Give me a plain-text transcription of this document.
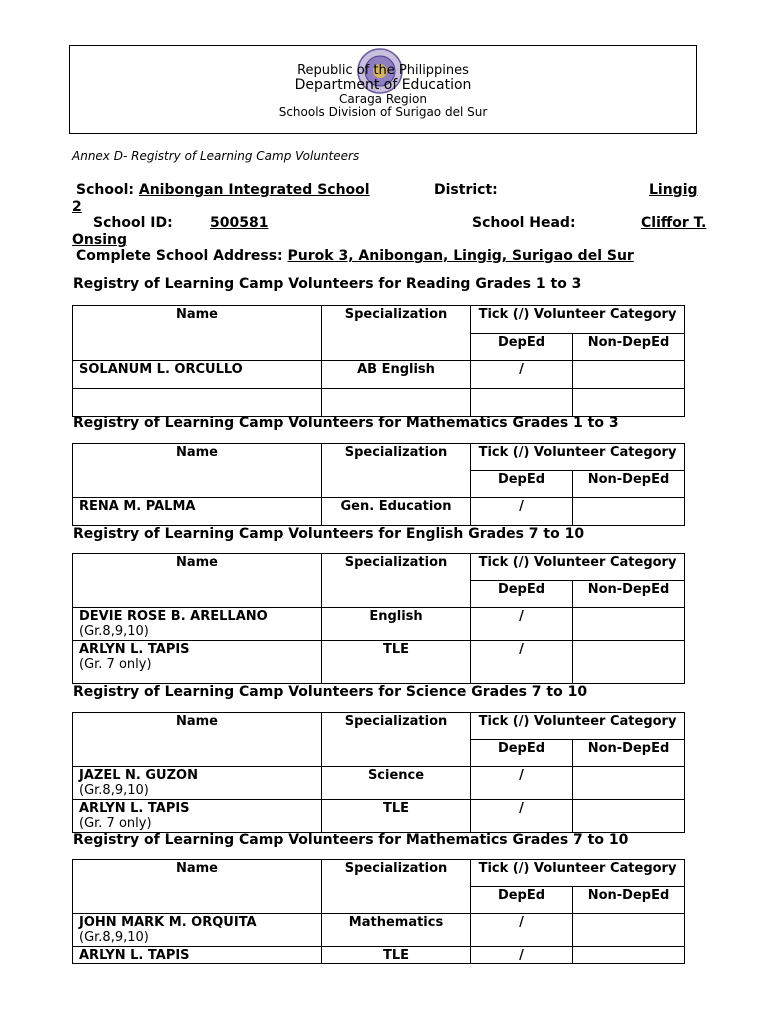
Republic of the Philippines
Department of Education
Caraga Region
Schools Division of Surigao del Sur
Annex D- Registry of Learning Camp Volunteers
School: Anibongan Integrated School	District:	Lingig
2
School ID:	500581	School Head:	Cliffor T.
Onsing
Complete School Address: Purok 3, Anibongan, Lingig, Surigao del Sur
Registry of Learning Camp Volunteers for Reading Grades 1 to 3
Name	Specialization	Tick (/) Volunteer Category	
		DepEd	Non-DepEd
SOLANUM L. ORCULLO	AB English	/	

Registry of Learning Camp Volunteers for Mathematics Grades 1 to 3
Name	Specialization	Tick (/) Volunteer Category	
		DepEd	Non-DepEd
RENA M. PALMA	Gen. Education	/	
Registry of Learning Camp Volunteers for English Grades 7 to 10
Name	Specialization	Tick (/) Volunteer Category	
		DepEd	Non-DepEd
DEVIE ROSE B. ARELLANO
(Gr.8,9,10)	English	/	
ARLYN L. TAPIS
(Gr. 7 only)	TLE	/	
Registry of Learning Camp Volunteers for Science Grades 7 to 10
Name	Specialization	Tick (/) Volunteer Category	
		DepEd	Non-DepEd
JAZEL N. GUZON
(Gr.8,9,10)	Science	/	
ARLYN L. TAPIS
(Gr. 7 only)	TLE	/	
Registry of Learning Camp Volunteers for Mathematics Grades 7 to 10
Name	Specialization	Tick (/) Volunteer Category	
		DepEd	Non-DepEd
JOHN MARK M. ORQUITA
(Gr.8,9,10)	Mathematics	/	
ARLYN L. TAPIS	TLE	/	
